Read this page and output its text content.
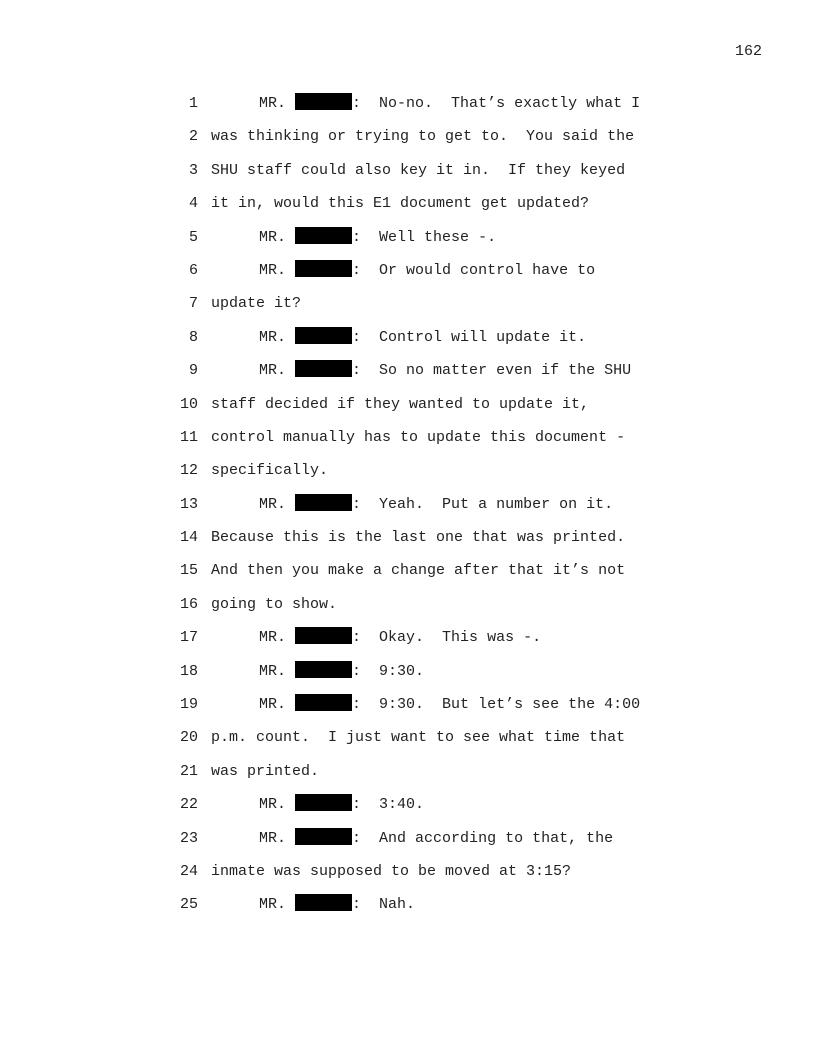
162
1	MR.	:  No-no.  That’s exactly what I
2 was thinking or trying to get to.  You said the
3 SHU staff could also key it in.  If they keyed
4 it in, would this E1 document get updated?
5	MR.	:  Well these -.
6	MR.	:  Or would control have to
7 update it?
8	MR.	:  Control will update it.
9	MR.	:  So no matter even if the SHU
10 staff decided if they wanted to update it,
11 control manually has to update this document -
12 specifically.
13	MR.	:  Yeah.  Put a number on it.
14 Because this is the last one that was printed.
15 And then you make a change after that it’s not
16 going to show.
17	MR.	:  Okay.  This was -.
18	MR.	:  9:30.
19	MR.	:  9:30.  But let’s see the 4:00
20 p.m. count.  I just want to see what time that
21 was printed.
22	MR.	:  3:40.
23	MR.	:  And according to that, the
24 inmate was supposed to be moved at 3:15?
25	MR.	:  Nah.
